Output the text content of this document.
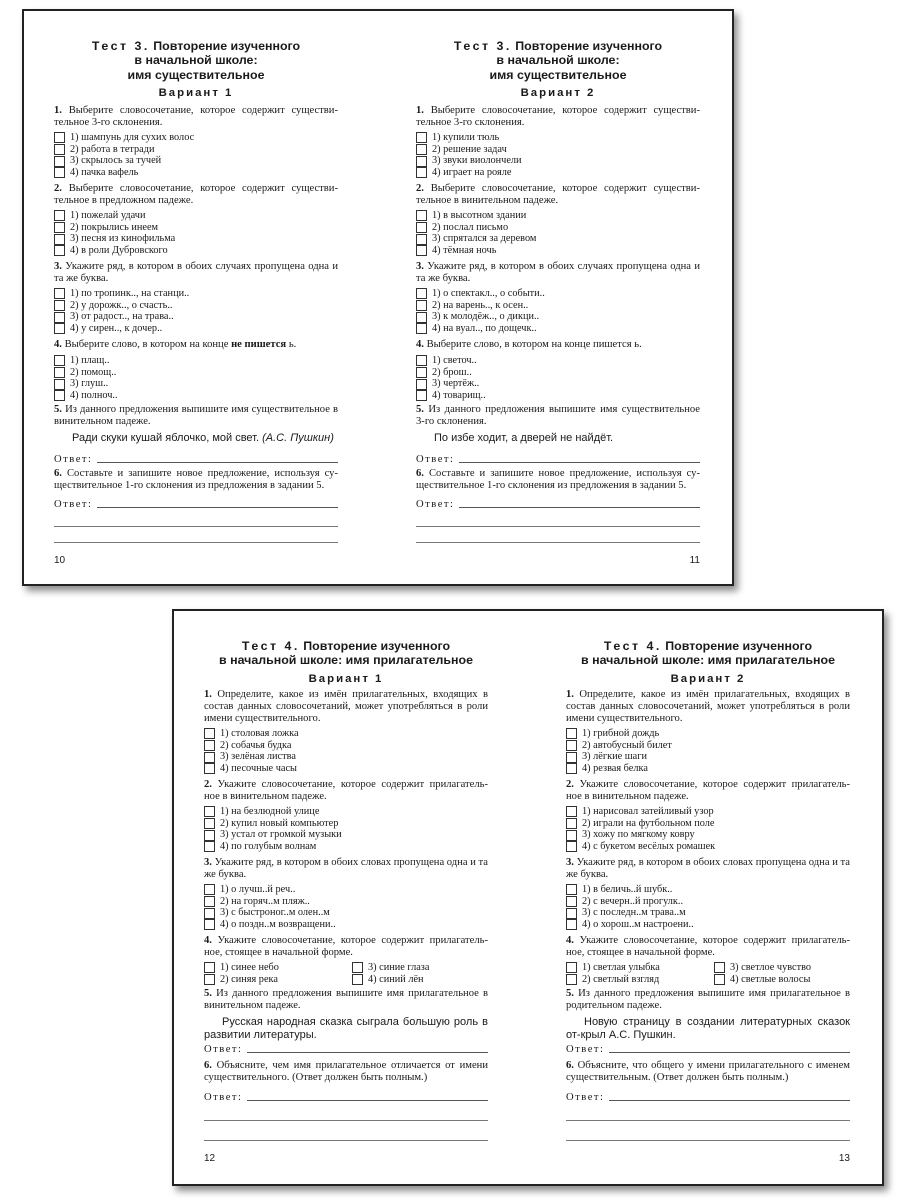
Тест 3. Повторение изученного

в начальной школе:

имя существительное

Вариант 1
1. Выберите словосочетание, которое содержит существи-тельное 3-го склонения.
1) шампунь для сухих волос
2) работа в тетради
3) скрылось за тучей
4) пачка вафель
2. Выберите словосочетание, которое содержит существи-тельное в предложном падеже.
1) пожелай удачи
2) покрылись инеем
3) песня из кинофильма
4) в роли Дубровского
3. Укажите ряд, в котором в обоих случаях пропущена одна и та же буква.
1) по тропинк.., на станци..
2) у дорожк.., о счасть..
3) от радост.., на трава..
4) у сирен.., к дочер..
4. Выберите слово, в котором на конце не пишется ь.
1) плащ..
2) помощ..
3) глуш..
4) полноч..
5. Из данного предложения выпишите имя существительное в винительном падеже.
Ради скуки кушай яблочко, мой свет. (А.С. Пушкин)
Ответ:
6. Составьте и запишите новое предложение, используя су-ществительное 1-го склонения из предложения в задании 5.
Ответ:
10

Тест 3. Повторение изученного

в начальной школе:

имя существительное

Вариант 2
1. Выберите словосочетание, которое содержит существи-тельное 3-го склонения.
1) купили тюль
2) решение задач
3) звуки виолончели
4) играет на рояле
2. Выберите словосочетание, которое содержит существи-тельное в винительном падеже.
1) в высотном здании
2) послал письмо
3) спрятался за деревом
4) тёмная ночь
3. Укажите ряд, в котором в обоих случаях пропущена одна и та же буква.
1) о спектакл.., о событи..
2) на варень.., к осен..
3) к молодёж.., о дикци..
4) на вуал.., по дощечк..
4. Выберите слово, в котором на конце пишется ь.
1) светоч..
2) брош..
3) чертёж..
4) товарищ..
5. Из данного предложения выпишите имя существительное 3-го склонения.
По избе ходит, а дверей не найдёт.
Ответ:
6. Составьте и запишите новое предложение, используя су-ществительное 1-го склонения из предложения в задании 5.
Ответ:
11

Тест 4. Повторение изученного

в начальной школе: имя прилагательное

Вариант 1
1. Определите, какое из имён прилагательных, входящих в состав данных словосочетаний, может употребляться в роли имени существительного.
1) столовая ложка
2) собачья будка
3) зелёная листва
4) песочные часы
2. Укажите словосочетание, которое содержит прилагатель-ное в винительном падеже.
1) на безлюдной улице
2) купил новый компьютер
3) устал от громкой музыки
4) по голубым волнам
3. Укажите ряд, в котором в обоих словах пропущена одна и та же буква.
1) о лучш..й реч..
2) на горяч..м пляж..
3) с быстроног..м олен..м
4) о поздн..м возвращени..
4. Укажите словосочетание, которое содержит прилагатель-ное, стоящее в начальной форме.
1) синее небо	3) синие глаза
2) синяя река	4) синий лён
5. Из данного предложения выпишите имя прилагательное в винительном падеже.
Русская народная сказка сыграла большую роль в развитии литературы.
Ответ:
6. Объясните, чем имя прилагательное отличается от имени существительного. (Ответ должен быть полным.)
Ответ:
12

Тест 4. Повторение изученного

в начальной школе: имя прилагательное

Вариант 2
1. Определите, какое из имён прилагательных, входящих в состав данных словосочетаний, может употребляться в роли имени существительного.
1) грибной дождь
2) автобусный билет
3) лёгкие шаги
4) резвая белка
2. Укажите словосочетание, которое содержит прилагатель-ное в винительном падеже.
1) нарисовал затейливый узор
2) играли на футбольном поле
3) хожу по мягкому ковру
4) с букетом весёлых ромашек
3. Укажите ряд, в котором в обоих словах пропущена одна и та же буква.
1) в беличь..й шубк..
2) с вечерн..й прогулк..
3) с последн..м трава..м
4) о хорош..м настроени..
4. Укажите словосочетание, которое содержит прилагатель-ное, стоящее в начальной форме.
1) светлая улыбка	3) светлое чувство
2) светлый взгляд	4) светлые волосы
5. Из данного предложения выпишите имя прилагательное в родительном падеже.
Новую страницу в создании литературных сказок от-крыл А.С. Пушкин.
Ответ:
6. Объясните, что общего у имени прилагательного с именем существительным. (Ответ должен быть полным.)
Ответ:
13
